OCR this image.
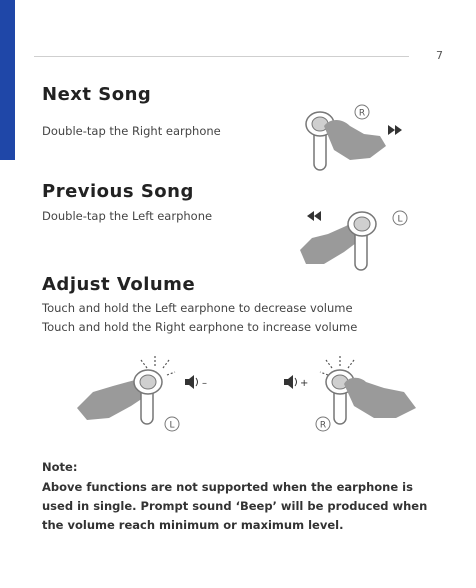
7
Next Song

Double-tap the Right earphone

R
Previous Song

Double-tap the Left earphone	L
Adjust Volume

Touch and hold the Left earphone to decrease volume

Touch and hold the Right earphone to increase volume

L
–	+
R

Note:

Above functions are not supported when the earphone is used in single. Prompt sound ‘Beep’ will be produced when the volume reach minimum or maximum level.
